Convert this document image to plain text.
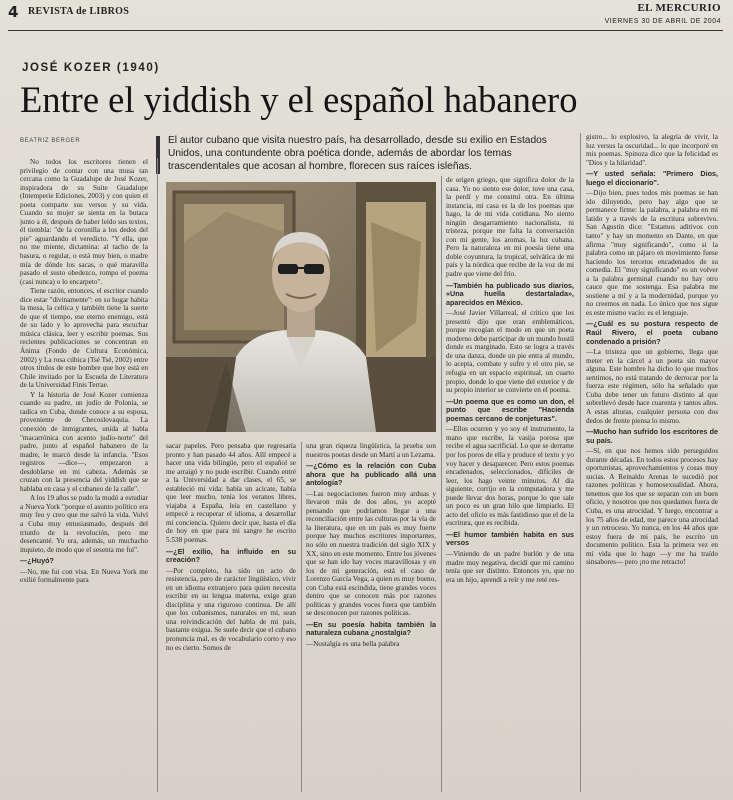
4 REVISTA de LIBROS	EL MERCURIO
VIERNES 30 DE ABRIL DE 2004
JOSÉ KOZER (1940)
Entre el yiddish y el español habanero
BEATRIZ BERGER	El autor cubano que visita nuestro país, ha desarrollado, desde su exilio en Estados Unidos, una contundente obra poética donde, además de abordar los temas trascendentales que acosan al hombre, florecen sus raíces isleñas.

No todos los escritores tienen el privilegio de contar con una musa tan cercana como la Guadalupe de José Kozer, inspiradora de su Suite Guadalupe (Intemperie Ediciones, 2003) y con quien el poeta comparte sus versos y su vida. Cuando su mujer se sienta en la butaca junto a él, después de haber leído sus textos, él tiembla: "de la coronilla a los dedos del pie" aguardando el veredicto. "Y ella, que no me miente, dictamina: al tacho de la basura, o regular, o está muy bien, o madre mía de dónde los sacas, o qué maravilla pasado el susto obedezco, rompo el poema (casi nunca) o lo encarpeto".

Tiene razón, entonces, el escritor cuando dice estar "divinamente": en su hogar habita la musa, la celtica y también tiene la suerte de que el tiempo, ese eterno enemigo, está de su lado y lo aprovecha para escuchar música clásica, leer y escribir poemas. Sus recientes publicaciones se concentran en Ánima (Fondo de Cultura Económica, 2002) y La rosa cúbica (Tsé Tsé, 2002) entre otros títulos de este hombre que hoy está en Chile invitado por la Escuela de Literatura de la Universidad Finis Terrae.

Y la historia de José Kozer comienza cuando su padre, un judío de Polonia, se radica en Cuba, donde conoce a su esposa, proveniente de Checoslovaquia. La conexión de inmigrantes, unida al habla "macarrónica con acento judío-norte" del padre, junto al español habanero de la madre, le marcó desde la infancia. "Esos registros —dice—, empezaron a desdoblarse en mi cabeza. Además se cruzan con la presencia del yiddish que se hablaba en casa y el cubaneo de la calle".

A los 19 años se pudo la mudó a estudiar a Nueva York "porque el asunto político era muy feo y creo que me salvó la vida. Volví a Cuba muy entusiasmado, después del triunfo de la revolución, pero me desencanté. Yo era, además, un muchacho inquieto, de modo que el sesenta me fui".

—¿Huyó?

—No, me fui con visa. En Nueva York me exilié formalmente para

sacar papeles. Pero pensaba que regresaría pronto y han pasado 44 años. Allí empecé a hacer una vida bilingüe, pero el español se me arraigó y no pude escribir. Cuando entré a la Universidad a dar clases, el 65, se estableció mi vida: había un acicate, había que leer mucho, tenía los veranos libres, viajaba a España, leía en castellano y empecé a recuperar el idioma, a desarrollar mi conciencia. Quiero decir que, hasta el día de hoy en que para mi sangre he escrito 5.538 poemas.

—¿El exilio, ha influido en su creación?

—Por completo, ha sido un acto de resistencia, pero de carácter lingüístico, vivir en un idioma extranjero para quien necesita escribir en su lengua materna, exige gran disciplina y una riguroso continua. De allí que los cubanismos, naturales en mí, sean una reivindicación del habla de mi país, bastante exigua. Se suele decir que el cubano pronuncia mal, es de vocabulario corto y eso no es cierto. Somos de

una gran riqueza lingüística, la prueba son nuestros poetas desde un Martí a un Lezama.

—¿Cómo es la relación con Cuba ahora que ha publicado allá una antología?

—Las negociaciones fueron muy arduas y llevaron más de dos años, yo acepté pensando que podríamos llegar a una reconciliación entre las culturas por la vía de la literatura, que en un país es muy fuerte porque hay muchos escritores importantes, no sólo en nuestra tradición del siglo XIX y XX, sino en este momento. Entre los jóvenes que se han ido hay voces maravillosas y en los de mi generación, está el caso de Lorenzo García Vega, a quien es muy bueno, con Cuba está escindida, tiene grandes voces dentro que se conocen más por razones políticas y grandes voces fuera que también se desconocen por razones políticas.

—En su poesía habita también la naturaleza cubana ¿nostalgia?

—Nostalgia es una bella palabra

de origen griego, que significa dolor de la casa. Yo no siento ese dolor, tuve una casa, la perdí y me construí otra. En última instancia, mi casa es la de los poemas que hago, la de mi vida cotidiana. No siento ningún desgarramiento nacionalista, ni tristeza, porque me falta la conversación con mi gente, los aromas, la luz cubana. Pero la naturaleza en mi poesía tiene una doble coyuntura, la tropical, selvática de mi país y la nórdica que recibe de la voz de mi padre que viene del frío.

—También ha publicado sus diarios, «Una huella destartalada», aparecidos en México.

—José Javier Villarreal, el crítico que los presentó dijo que eran emblemáticos, porque recogían el modo en que un poeta moderno debe participar de un mundo hostil donde es marginado. Esto se logra a través de una danza, donde un pie entra al mundo, lo acepta, combate y sufre y el otro pie, se refugia en un espacio espiritual, un cuarto propio, donde lo que viene del exterior y de su propio interior se convierte en el poema.

—Un poema que es como un don, el punto que escribe "Hacienda poemas cercano de conjeturas".

—Ellos ocurren y yo soy el instrumento, la mano que escribe, la vasija porosa que recibe el agua sacrificial. Lo que se derrame por los poros de ella y produce el texto y yo voy hacer y desaparecer. Pero estos poemas encadenados, seleccionados, difíciles de leer, los hago veinte minutos. Al día siguiente, corrijo en la computadora y me puede llevar dos horas, porque lo que sale un poco es un gran hilo que limpiarlo. El acto del oficio es más fastidioso que el de la escritura, que es recibida.

—El humor también habita en sus versos

—Viniendo de un padre burlón y de una madre muy negativa, decidí que mi camino tenía que ser distinto. Entonces yo, que no era un hijo, aprendí a reír y me reté res-

gistro... lo explosivo, la alegría de vivir, la luz versus la oscuridad... lo que incorporé en mis poemas. Spinoza dice que la felicidad es "Dios y la hilaridad".

—Y usted señala: "Primero Dios, luego el diccionario".

—Dijo bien, pues todos mis poemas se han ido diluyendo, pero hay algo que se permanece firme: la palabra, a palabra en mí latido y a través de la escritura sobrevivo. San Agustín dice: "Estamos aditivos con tanto" y hay un momento en Dante, en que afirma "muy significando", como si la palabra como un pájaro en movimiento fuese haciendo los tercetos encadenados de su comedia. El "muy significando" es un volver a la palabra germinal cuando no hay otro cauce que me sostenga. Esa palabra me sostiene a mí y a la modernidad, porque yo no creemos en nada. Lo único que nos sigue es este mismo vacío: es el lenguaje.

—¿Cuál es su postura respecto de Raúl Rivero, el poeta cubano condenado a prisión?

—La tristeza que un gobierno, llega que meter en la cárcel a un poeta sin mayor alguna. Este hombre ha dicho lo que muchos sentimos, no está tratando de derrocar por la fuerza este régimen, sólo ha señalado que Cuba debe tener un futuro distinto al que sobrellevó desde hace cuarenta y tantos años. A estas alturas, cualquier persona con dos dedos de frente piensa lo mismo.

—Mucho han sufrido los escritores de su país.

—Sí, en que nos hemos sido perseguidos durante décadas. En todos estos procesos hay oportunistas, aprovechamientos y cosas muy sucias. A Reinaldo Arenas le sucedió por razones políticas y homosexualidad. Ahora, tenemos que los que se separan con un buen oficio, y nosotros que nos quedamos fuera de Cuba, es una atrocidad. Y luego, encontrar a los 75 años de edad, me parece una atrocidad y un retroceso. Yo nunca, en los 44 años que estoy fuera de mi país, he escrito un documento político. Esta la primera vez en mi vida que lo hago —y me ha traído sinsabores— pero ¡no me retracto!
